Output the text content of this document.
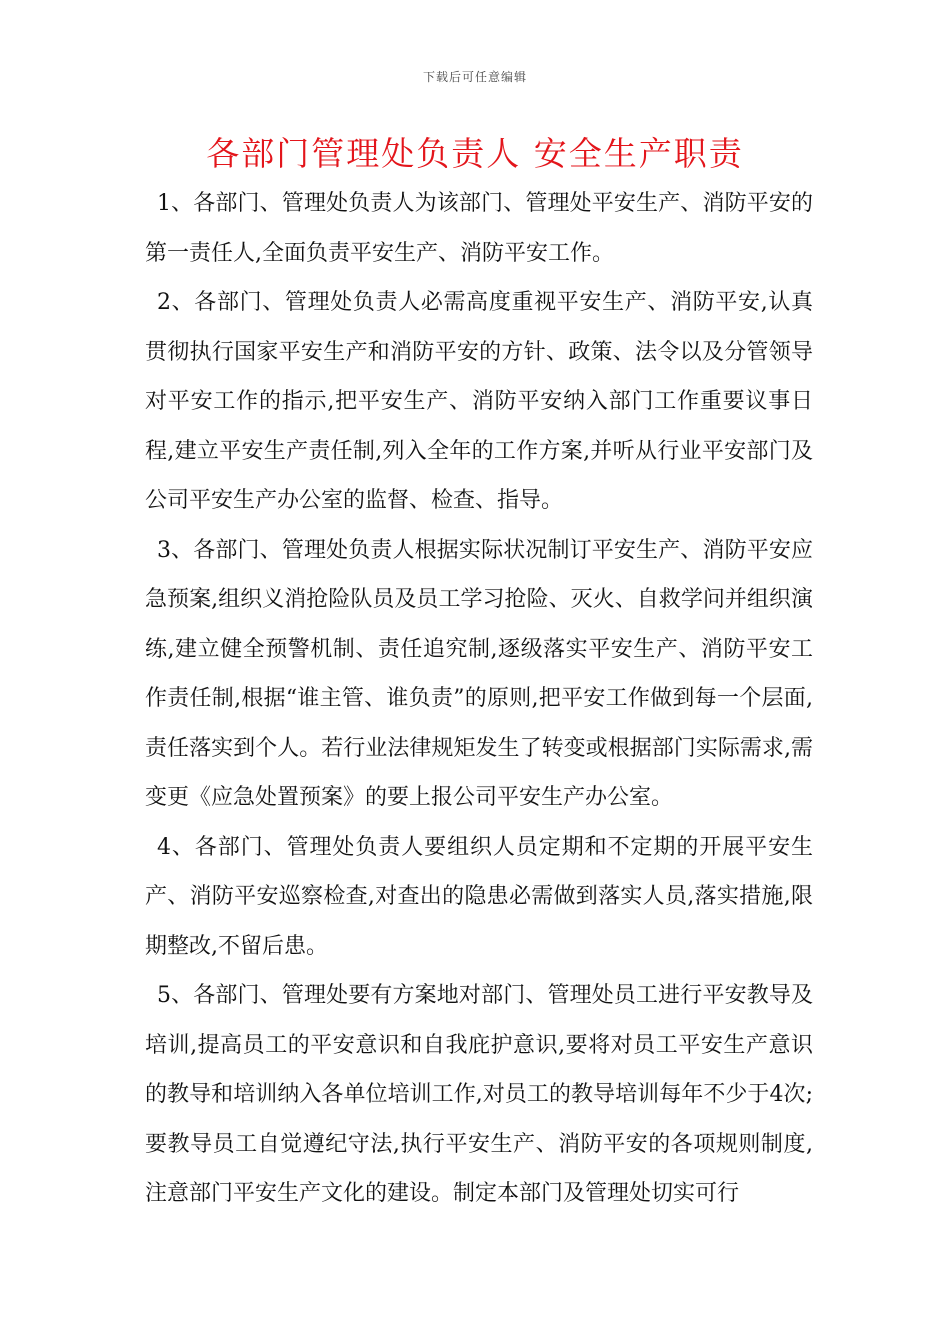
下载后可任意编辑
各部门管理处负责人 安全生产职责

1、各部门、管理处负责人为该部门、管理处平安生产、消防平安的第一责任人,全面负责平安生产、消防平安工作。

2、各部门、管理处负责人必需高度重视平安生产、消防平安,认真贯彻执行国家平安生产和消防平安的方针、政策、法令以及分管领导对平安工作的指示,把平安生产、消防平安纳入部门工作重要议事日程,建立平安生产责任制,列入全年的工作方案,并听从行业平安部门及公司平安生产办公室的监督、检查、指导。

3、各部门、管理处负责人根据实际状况制订平安生产、消防平安应急预案,组织义消抢险队员及员工学习抢险、灭火、自救学问并组织演练,建立健全预警机制、责任追究制,逐级落实平安生产、消防平安工作责任制,根据“谁主管、谁负责”的原则,把平安工作做到每一个层面,责任落实到个人。若行业法律规矩发生了转变或根据部门实际需求,需变更《应急处置预案》的要上报公司平安生产办公室。

4、各部门、管理处负责人要组织人员定期和不定期的开展平安生产、消防平安巡察检查,对查出的隐患必需做到落实人员,落实措施,限期整改,不留后患。

5、各部门、管理处要有方案地对部门、管理处员工进行平安教导及培训,提高员工的平安意识和自我庇护意识,要将对员工平安生产意识的教导和培训纳入各单位培训工作,对员工的教导培训每年不少于4次;要教导员工自觉遵纪守法,执行平安生产、消防平安的各项规则制度,注意部门平安生产文化的建设。制定本部门及管理处切实可行
